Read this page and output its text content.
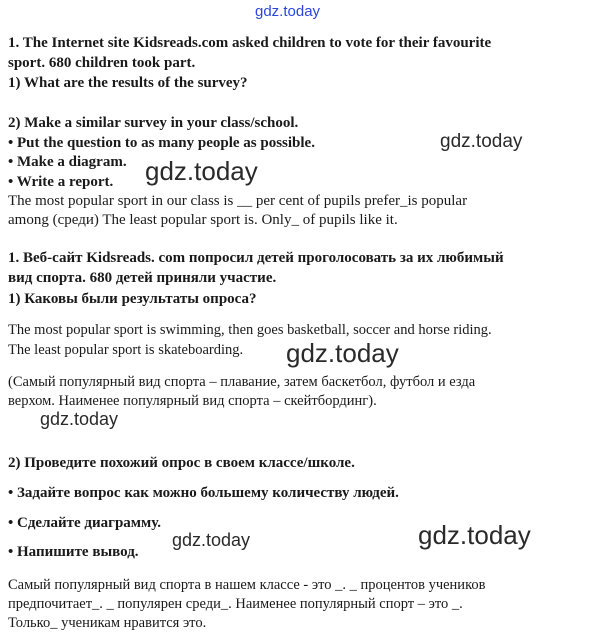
gdz.today
gdz.today
gdz.today
gdz.today
gdz.today
gdz.today	gdz.today
1. The Internet site Kidsreads.com asked children to vote for their favourite
sport. 680 children took part.
1) What are the results of the survey?
2) Make a similar survey in your class/school.
• Put the question to as many people as possible.
• Make a diagram.
• Write a report.
The most popular sport in our class is __ per cent of pupils prefer_is popular
among (среди) The least popular sport is. Only_ of pupils like it.
1. Веб-сайт Kidsreads. com попросил детей проголосовать за их любимый
вид спорта. 680 детей приняли участие.
1) Каковы были результаты опроса?
The most popular sport is swimming, then goes basketball, soccer and horse riding.
The least popular sport is skateboarding.
(Самый популярный вид спорта – плавание, затем баскетбол, футбол и езда
верхом. Наименее популярный вид спорта – скейтбординг).
2) Проведите похожий опрос в своем классе/школе.
• Задайте вопрос как можно большему количеству людей.
• Сделайте диаграмму.
• Напишите вывод.
Самый популярный вид спорта в нашем классе - это _. _ процентов учеников
предпочитает_. _ популярен среди_. Наименее популярный спорт – это _.
Только_ ученикам нравится это.
